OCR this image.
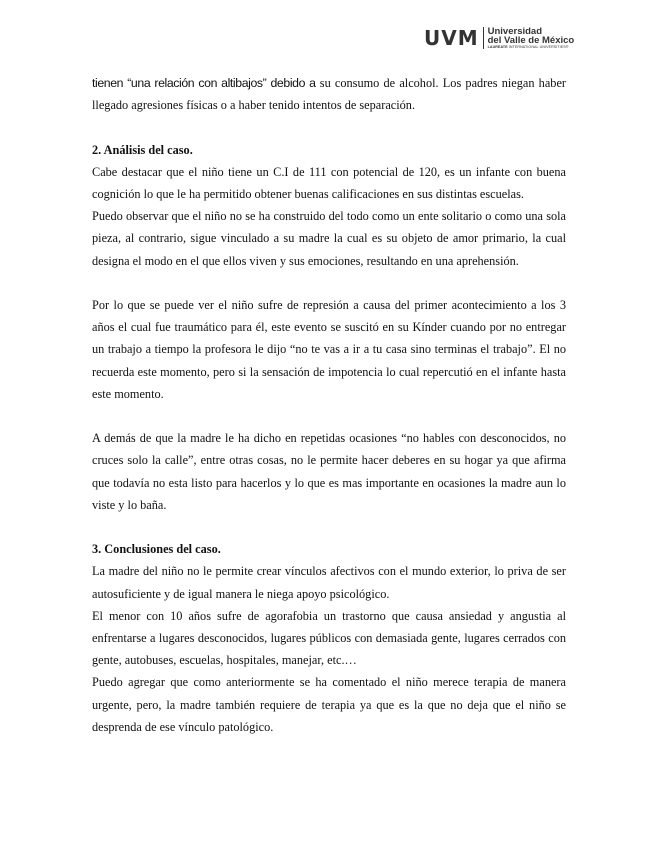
UVM Universidad
del Valle de México
LAUREATE INTERNATIONAL UNIVERSITIES®

tienen “una relación con altibajos” debido a su consumo de alcohol. Los padres niegan haber llegado agresiones físicas o a haber tenido intentos de separación.

2. Análisis del caso.

Cabe destacar que el niño tiene un C.I de 111 con potencial de 120, es un infante con buena cognición lo que le ha permitido obtener buenas calificaciones en sus distintas escuelas.

Puedo observar que el niño no se ha construido del todo como un ente solitario o como una sola pieza, al contrario, sigue vinculado a su madre la cual es su objeto de amor primario, la cual designa el modo en el que ellos viven y sus emociones, resultando en una aprehensión.

Por lo que se puede ver el niño sufre de represión a causa del primer acontecimiento a los 3 años el cual fue traumático para él, este evento se suscitó en su Kínder cuando por no entregar un trabajo a tiempo la profesora le dijo “no te vas a ir a tu casa sino terminas el trabajo”. El no recuerda este momento, pero si la sensación de impotencia lo cual repercutió en el infante hasta este momento.

A demás de que la madre le ha dicho en repetidas ocasiones “no hables con desconocidos, no cruces solo la calle”, entre otras cosas, no le permite hacer deberes en su hogar ya que afirma que todavía no esta listo para hacerlos y lo que es mas importante en ocasiones la madre aun lo viste y lo baña.

3. Conclusiones del caso.

La madre del niño no le permite crear vínculos afectivos con el mundo exterior, lo priva de ser autosuficiente y de igual manera le niega apoyo psicológico.

El menor con 10 años sufre de agorafobia un trastorno que causa ansiedad y angustia al enfrentarse a lugares desconocidos, lugares públicos con demasiada gente, lugares cerrados con gente, autobuses, escuelas, hospitales, manejar, etc.…

Puedo agregar que como anteriormente se ha comentado el niño merece terapia de manera urgente, pero, la madre también requiere de terapia ya que es la que no deja que el niño se desprenda de ese vínculo patológico.
